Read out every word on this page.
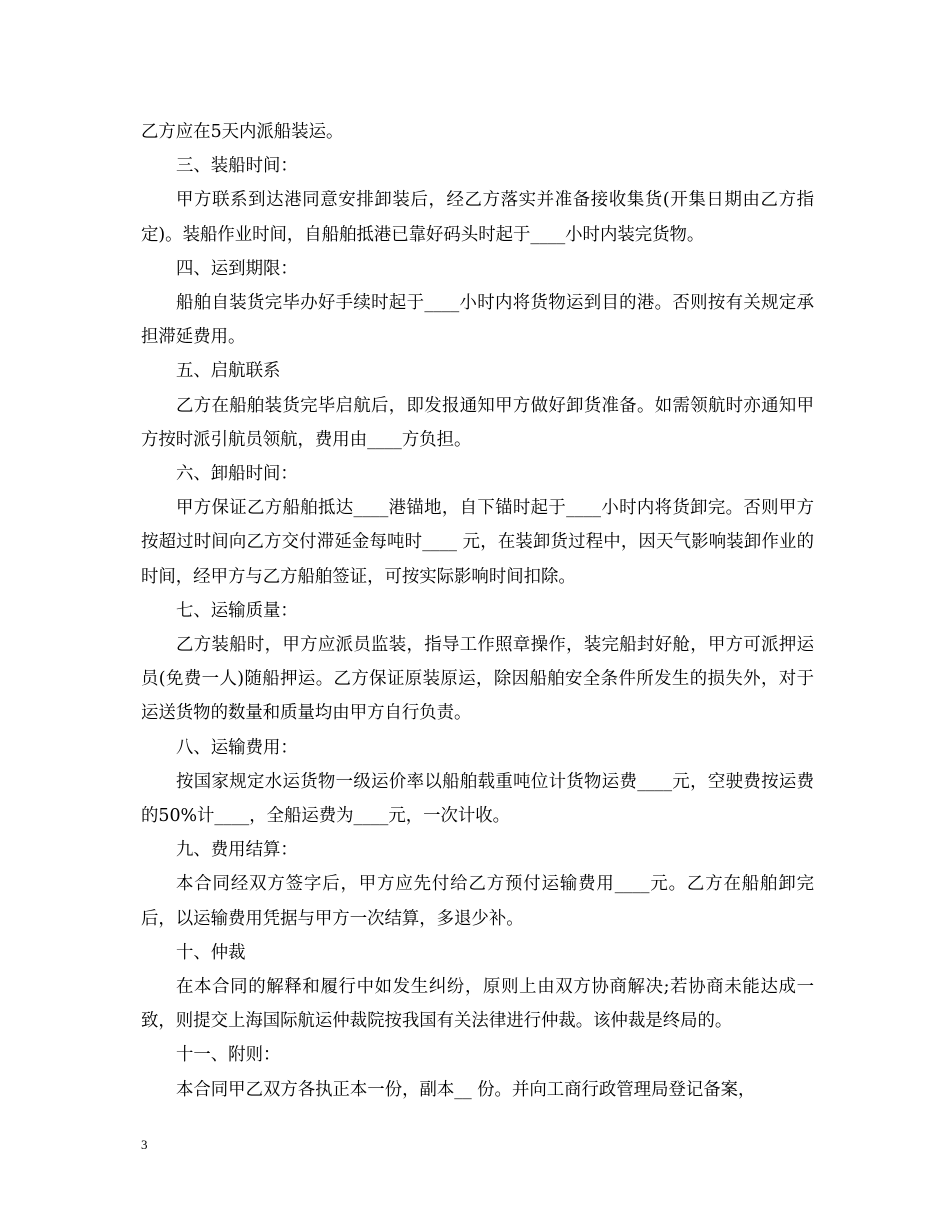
乙方应在5天内派船装运。

三、装船时间：

甲方联系到达港同意安排卸装后，经乙方落实并准备接收集货(开集日期由乙方指定)。装船作业时间，自船舶抵港已靠好码头时起于____小时内装完货物。

四、运到期限：

船舶自装货完毕办好手续时起于____小时内将货物运到目的港。否则按有关规定承担滞延费用。

五、启航联系

乙方在船舶装货完毕启航后，即发报通知甲方做好卸货准备。如需领航时亦通知甲方按时派引航员领航，费用由____方负担。

六、卸船时间：

甲方保证乙方船舶抵达____港锚地，自下锚时起于____小时内将货卸完。否则甲方按超过时间向乙方交付滞延金每吨时____ 元，在装卸货过程中，因天气影响装卸作业的时间，经甲方与乙方船舶签证，可按实际影响时间扣除。

七、运输质量：

乙方装船时，甲方应派员监装，指导工作照章操作，装完船封好舱，甲方可派押运员(免费一人)随船押运。乙方保证原装原运，除因船舶安全条件所发生的损失外，对于运送货物的数量和质量均由甲方自行负责。

八、运输费用：

按国家规定水运货物一级运价率以船舶载重吨位计货物运费____元，空驶费按运费的50%计____，全船运费为____元，一次计收。

九、费用结算：

本合同经双方签字后，甲方应先付给乙方预付运输费用____元。乙方在船舶卸完后，以运输费用凭据与甲方一次结算，多退少补。

十、仲裁

在本合同的解释和履行中如发生纠纷，原则上由双方协商解决;若协商未能达成一致，则提交上海国际航运仲裁院按我国有关法律进行仲裁。该仲裁是终局的。

十一、附则：

本合同甲乙双方各执正本一份，副本__ 份。并向工商行政管理局登记备案，

3
